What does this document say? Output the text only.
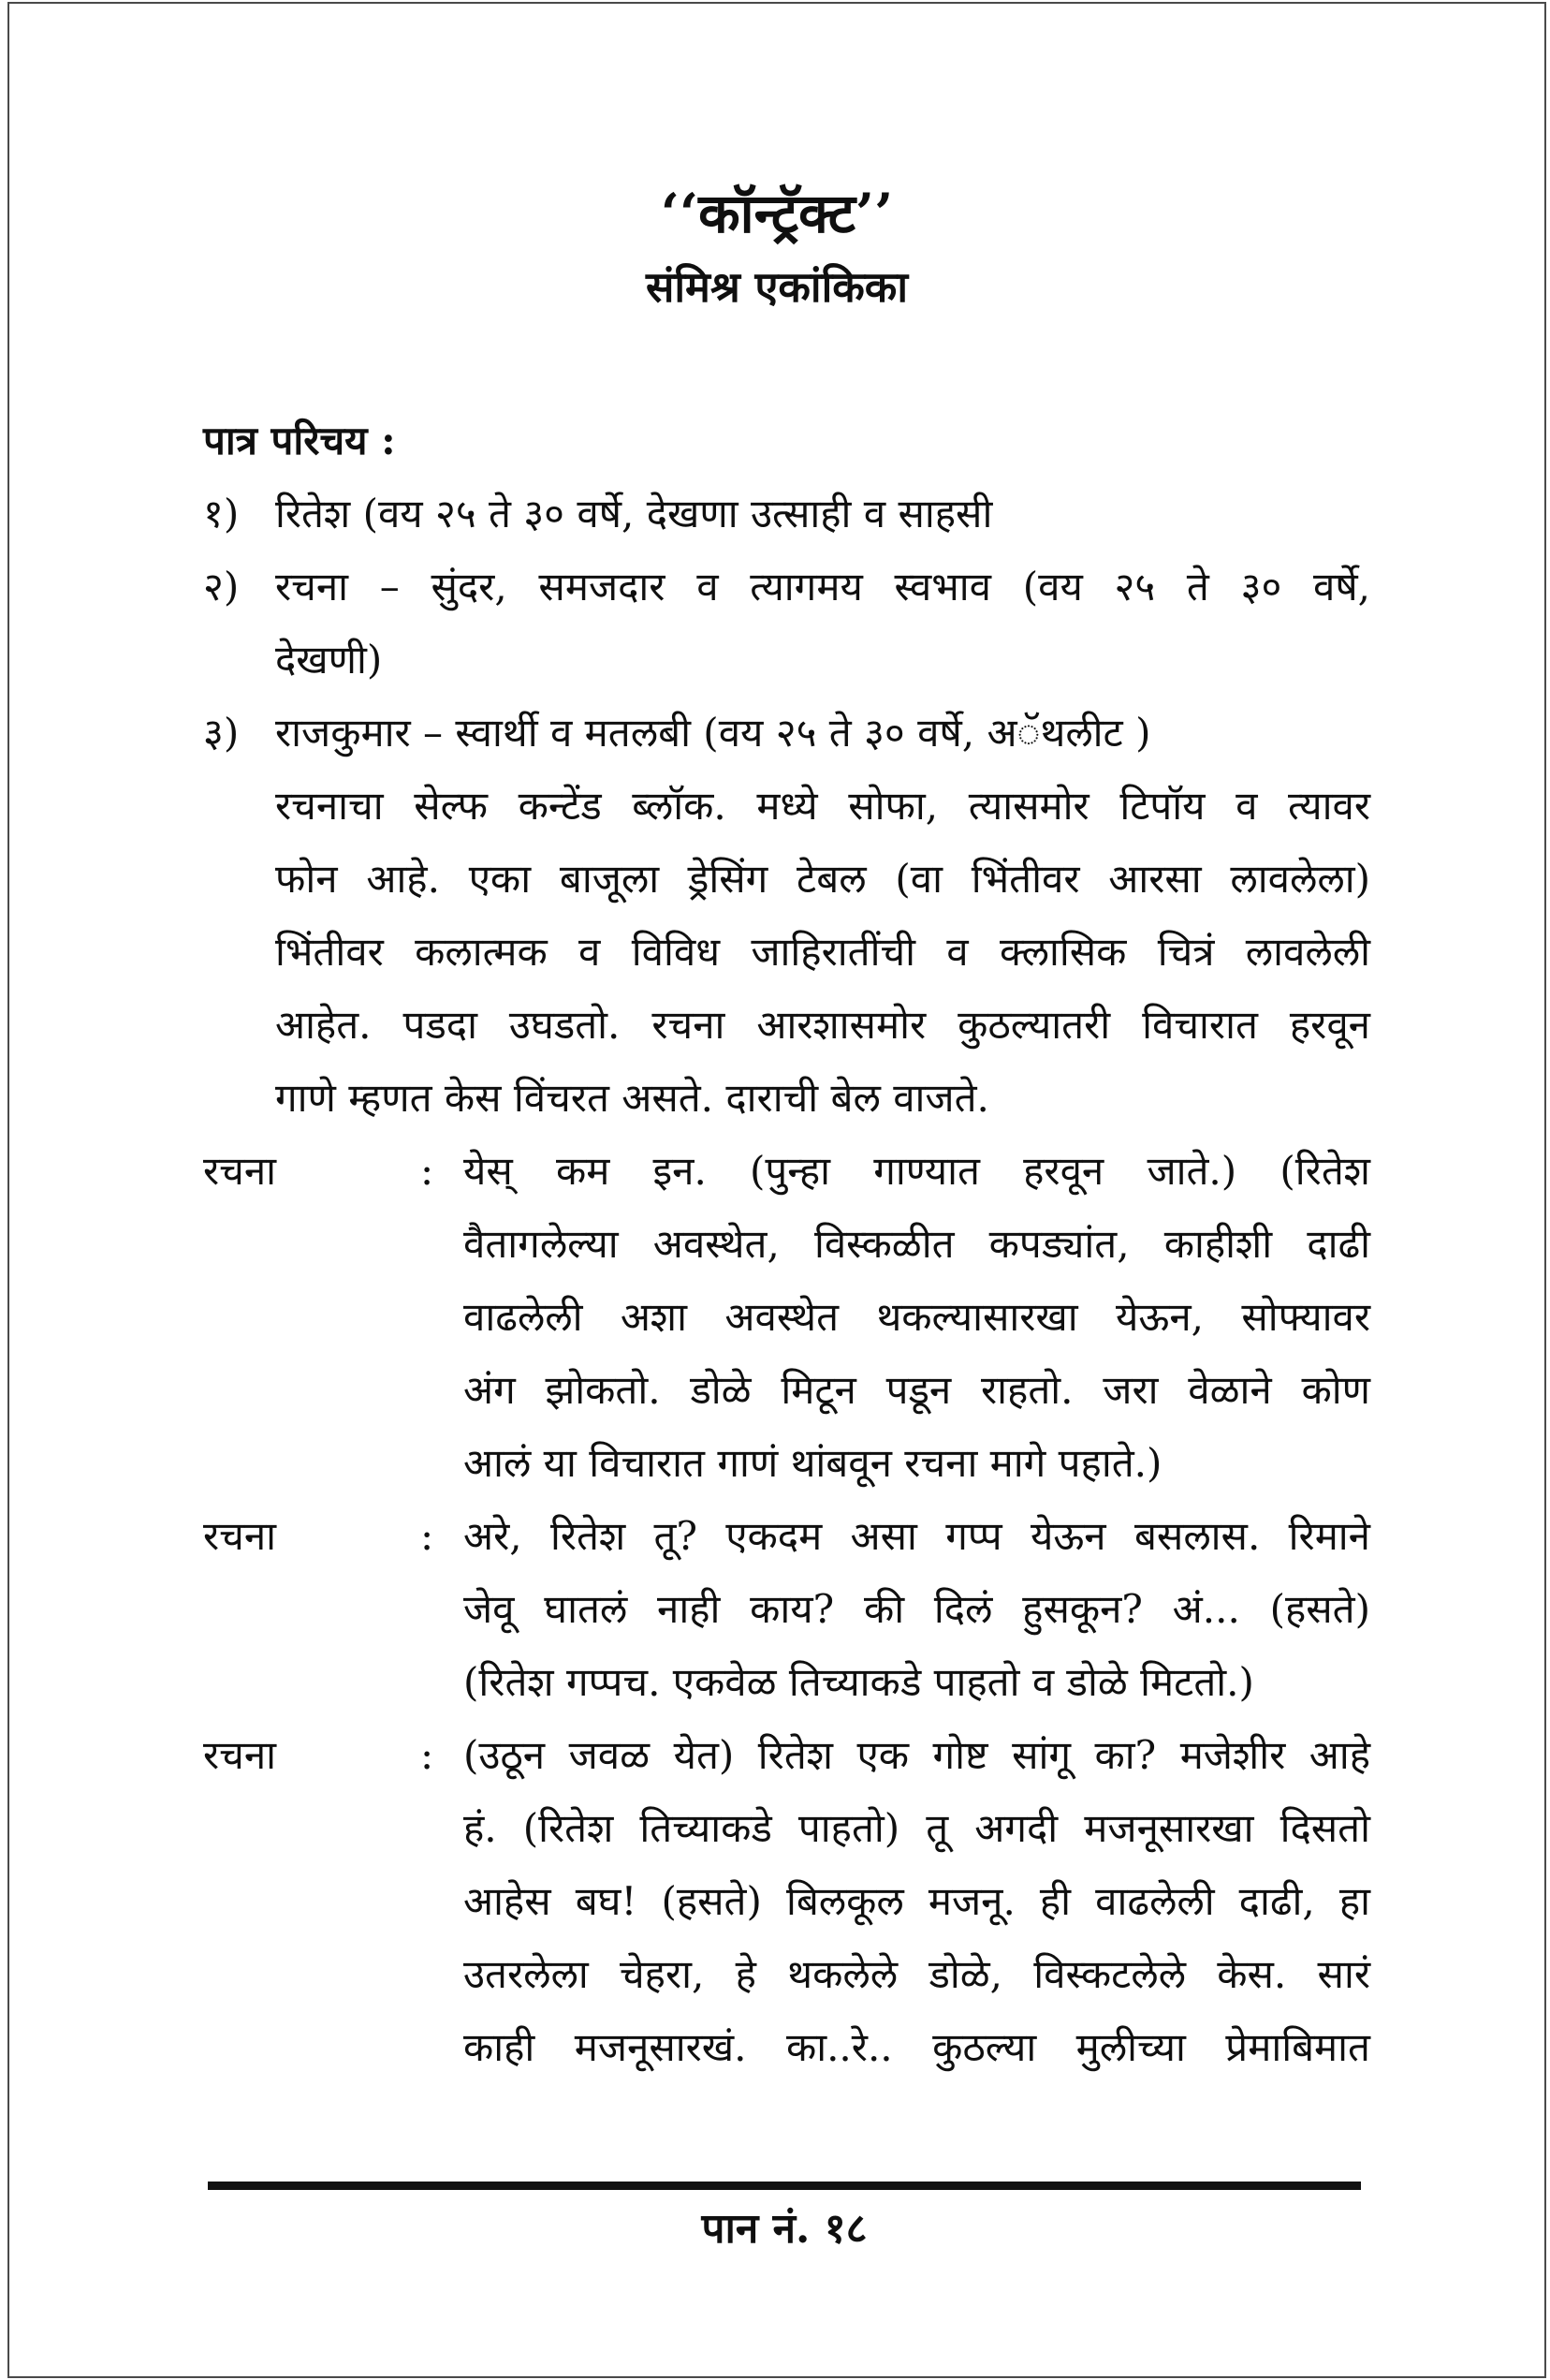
‘‘कॉन्ट्रॅक्ट’’
संमिश्र एकांकिका
पात्र परिचय :
१) रितेश (वय २५ ते ३० वर्षे, देखणा उत्साही व साहसी
२) रचना – सुंदर, समजदार व त्यागमय स्वभाव (वय २५ ते ३० वर्षे,
देखणी)
३) राजकुमार – स्वार्थी व मतलबी (वय २५ ते ३० वर्षे, अॅथलीट )
रचनाचा सेल्फ कन्टेंड ब्लॉक. मध्ये सोफा, त्यासमोर टिपॉय व त्यावर
फोन आहे. एका बाजूला ड्रेसिंग टेबल (वा भिंतीवर आरसा लावलेला)
भिंतीवर कलात्मक व विविध जाहिरातींची व क्लासिक चित्रं लावलेली
आहेत. पडदा उघडतो. रचना आरशासमोर कुठल्यातरी विचारात हरवून
गाणे म्हणत केस विंचरत असते. दाराची बेल वाजते.
रचना	: येस् कम इन. (पुन्हा गाण्यात हरवून जाते.) (रितेश
वैतागलेल्या अवस्थेत, विस्कळीत कपड्यांत, काहीशी दाढी
वाढलेली अशा अवस्थेत थकल्यासारखा येऊन, सोफ्यावर
अंग झोकतो. डोळे मिटून पडून राहतो. जरा वेळाने कोण
आलं या विचारात गाणं थांबवून रचना मागे पहाते.)
रचना	: अरे, रितेश तू? एकदम असा गप्प येऊन बसलास. रिमाने
जेवू घातलं नाही काय? की दिलं हुसकून? अं... (हसते)
(रितेश गप्पच. एकवेळ तिच्याकडे पाहतो व डोळे मिटतो.)
रचना	: (उठून जवळ येत) रितेश एक गोष्ट सांगू का? मजेशीर आहे
हं. (रितेश तिच्याकडे पाहतो) तू अगदी मजनूसारखा दिसतो
आहेस बघ! (हसते) बिलकूल मजनू. ही वाढलेली दाढी, हा
उतरलेला चेहरा, हे थकलेले डोळे, विस्कटलेले केस. सारं
काही मजनूसारखं. का..रे.. कुठल्या मुलीच्या प्रेमाबिमात
पान नं. १८
